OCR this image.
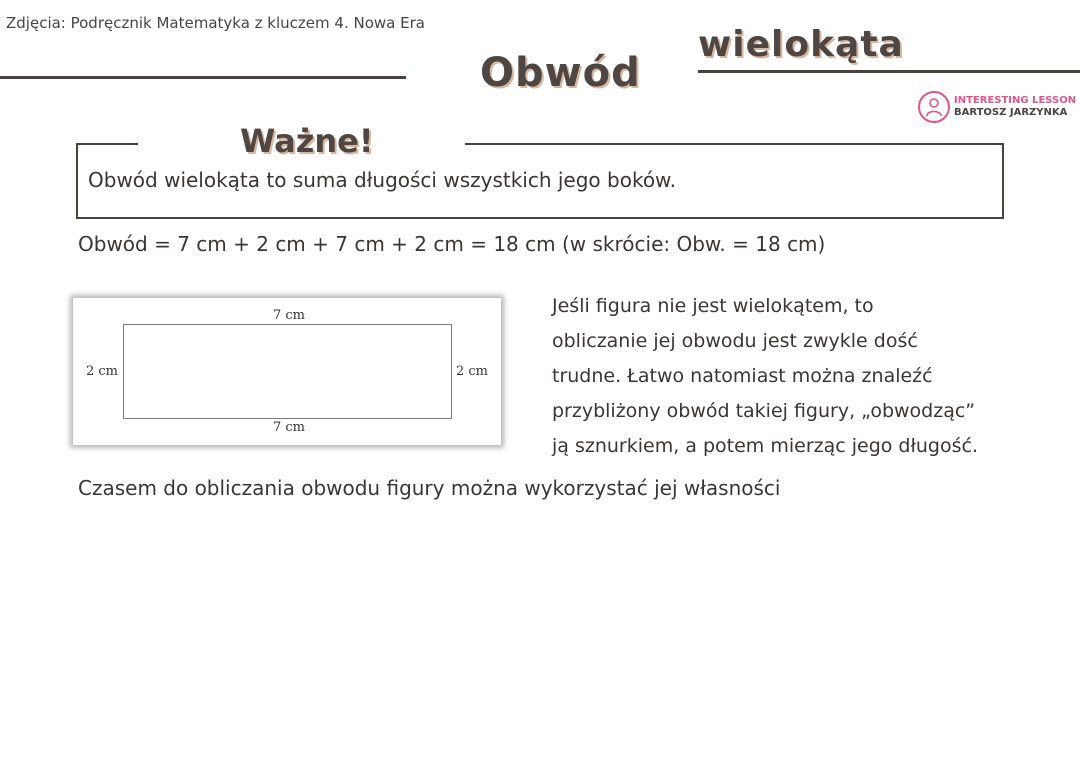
Zdjęcia: Podręcznik Matematyka z kluczem 4. Nowa Era
Obwód
wielokąta
INTERESTING LESSON
BARTOSZ JARZYNKA
Ważne!
Obwód wielokąta to suma długości wszystkich jego boków.
Obwód = 7 cm + 2 cm + 7 cm + 2 cm = 18 cm (w skrócie: Obw. = 18 cm)
7 cm
7 cm
2 cm	2 cm
Jeśli figura nie jest wielokątem, to
obliczanie jej obwodu jest zwykle dość
trudne. Łatwo natomiast można znaleźć
przybliżony obwód takiej figury, „obwodząc”
ją sznurkiem, a potem mierząc jego długość.
Czasem do obliczania obwodu figury można wykorzystać jej własności
